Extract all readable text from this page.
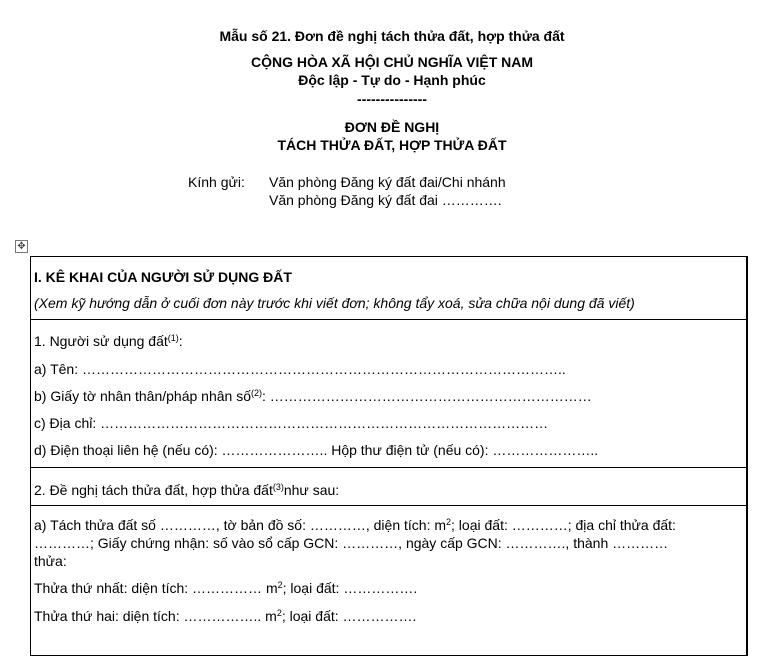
Mẫu số 21. Đơn đề nghị tách thửa đất, hợp thửa đất
CỘNG HÒA XÃ HỘI CHỦ NGHĨA VIỆT NAM
Độc lập - Tự do - Hạnh phúc
---------------
ĐƠN ĐỀ NGHỊ
TÁCH THỬA ĐẤT, HỢP THỬA ĐẤT
Kính gửi: Văn phòng Đăng ký đất đai/Chi nhánh
Văn phòng Đăng ký đất đai ………….
✥
I. KÊ KHAI CỦA NGƯỜI SỬ DỤNG ĐẤT
(Xem kỹ hướng dẫn ở cuối đơn này trước khi viết đơn; không tẩy xoá, sửa chữa nội dung đã viết)
1. Người sử dụng đất$^{(1)}$:
a) Tên: …………………………………………………………………………………………..
b) Giấy tờ nhân thân/pháp nhân số$^{(2)}$: ……………………………………………………………
c) Địa chỉ: ……………………………………………………………………………………
d) Điện thoại liên hệ (nếu có): ………………….. Hộp thư điện tử (nếu có): …………………..
2. Đề nghị tách thửa đất, hợp thửa đất$^{(3)}$như sau:
a) Tách thửa đất số …………, tờ bản đồ số: …………, diện tích: $m^2$; loại đất: …………; địa chỉ thửa đất:
…………; Giấy chứng nhận: số vào sổ cấp GCN: …………, ngày cấp GCN: …………., thành …………
thửa:
Thửa thứ nhất: diện tích: …………… $m^2$; loại đất: …………….
Thửa thứ hai: diện tích: …………….. $m^2$; loại đất: …………….
